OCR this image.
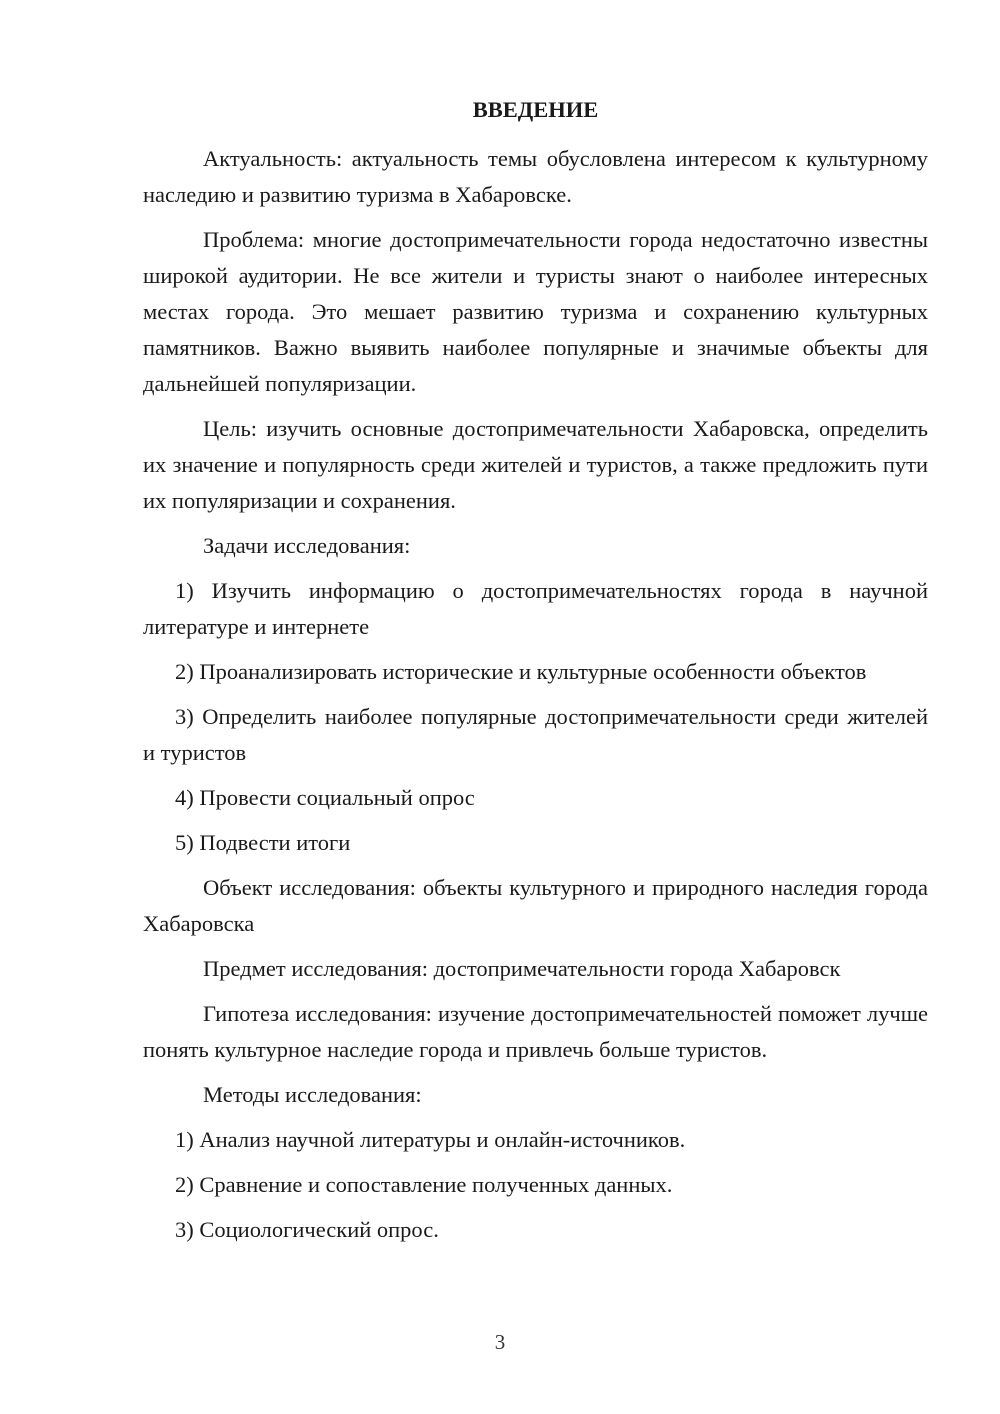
ВВЕДЕНИЕ

Актуальность: актуальность темы обусловлена интересом к культурному наследию и развитию туризма в Хабаровске.

Проблема: многие достопримечательности города недостаточно известны широкой аудитории. Не все жители и туристы знают о наиболее интересных местах города. Это мешает развитию туризма и сохранению культурных памятников. Важно выявить наиболее популярные и значимые объекты для дальнейшей популяризации.

Цель: изучить основные достопримечательности Хабаровска, определить их значение и популярность среди жителей и туристов, а также предложить пути их популяризации и сохранения.

Задачи исследования:

1) Изучить информацию о достопримечательностях города в научной литературе и интернете

2) Проанализировать исторические и культурные особенности объектов

3) Определить наиболее популярные достопримечательности среди жителей и туристов

4) Провести социальный опрос

5) Подвести итоги

Объект исследования: объекты культурного и природного наследия города Хабаровска

Предмет исследования: достопримечательности города Хабаровск

Гипотеза исследования: изучение достопримечательностей поможет лучше понять культурное наследие города и привлечь больше туристов.

Методы исследования:

1) Анализ научной литературы и онлайн-источников.

2) Сравнение и сопоставление полученных данных.

3) Социологический опрос.

3
